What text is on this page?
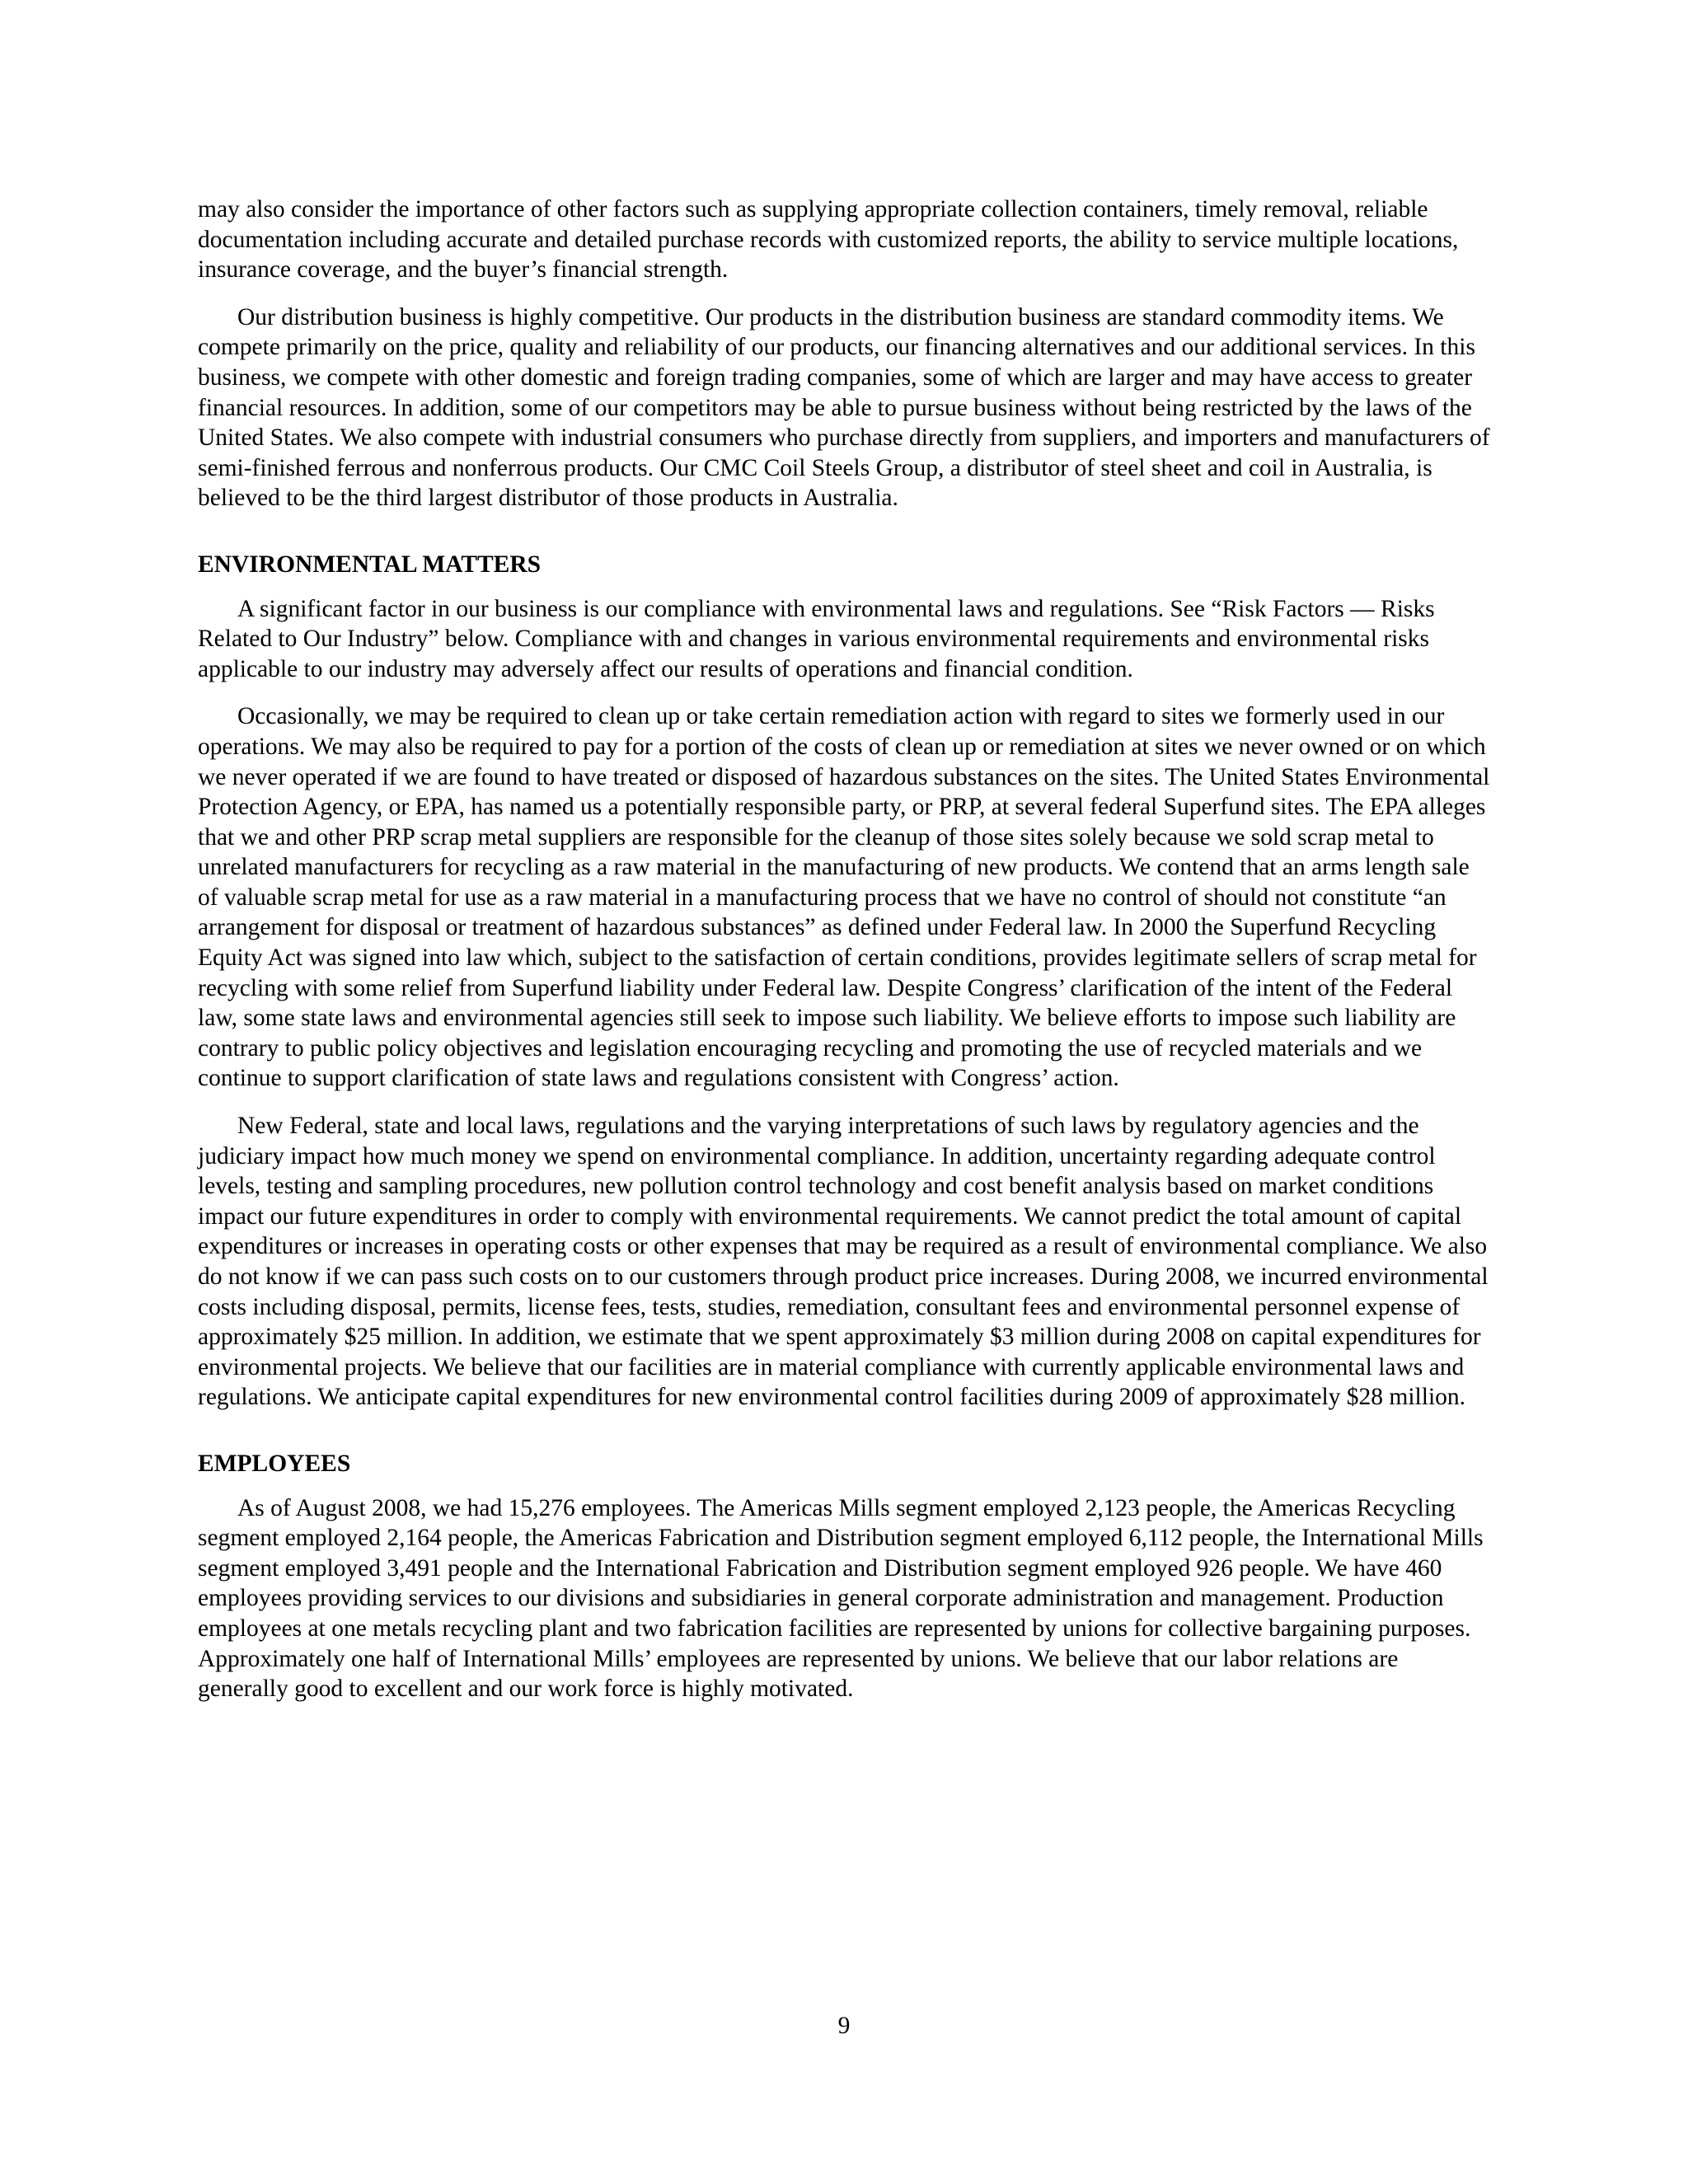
may also consider the importance of other factors such as supplying appropriate collection containers, timely removal, reliable documentation including accurate and detailed purchase records with customized reports, the ability to service multiple locations, insurance coverage, and the buyer’s financial strength.

Our distribution business is highly competitive. Our products in the distribution business are standard commodity items. We compete primarily on the price, quality and reliability of our products, our financing alternatives and our additional services. In this business, we compete with other domestic and foreign trading companies, some of which are larger and may have access to greater financial resources. In addition, some of our competitors may be able to pursue business without being restricted by the laws of the United States. We also compete with industrial consumers who purchase directly from suppliers, and importers and manufacturers of semi-finished ferrous and nonferrous products. Our CMC Coil Steels Group, a distributor of steel sheet and coil in Australia, is believed to be the third largest distributor of those products in Australia.

ENVIRONMENTAL MATTERS

A significant factor in our business is our compliance with environmental laws and regulations. See “Risk Factors — Risks Related to Our Industry” below. Compliance with and changes in various environmental requirements and environmental risks applicable to our industry may adversely affect our results of operations and financial condition.

Occasionally, we may be required to clean up or take certain remediation action with regard to sites we formerly used in our operations. We may also be required to pay for a portion of the costs of clean up or remediation at sites we never owned or on which we never operated if we are found to have treated or disposed of hazardous substances on the sites. The United States Environmental Protection Agency, or EPA, has named us a potentially responsible party, or PRP, at several federal Superfund sites. The EPA alleges that we and other PRP scrap metal suppliers are responsible for the cleanup of those sites solely because we sold scrap metal to unrelated manufacturers for recycling as a raw material in the manufacturing of new products. We contend that an arms length sale of valuable scrap metal for use as a raw material in a manufacturing process that we have no control of should not constitute “an arrangement for disposal or treatment of hazardous substances” as defined under Federal law. In 2000 the Superfund Recycling Equity Act was signed into law which, subject to the satisfaction of certain conditions, provides legitimate sellers of scrap metal for recycling with some relief from Superfund liability under Federal law. Despite Congress’ clarification of the intent of the Federal law, some state laws and environmental agencies still seek to impose such liability. We believe efforts to impose such liability are contrary to public policy objectives and legislation encouraging recycling and promoting the use of recycled materials and we continue to support clarification of state laws and regulations consistent with Congress’ action.

New Federal, state and local laws, regulations and the varying interpretations of such laws by regulatory agencies and the judiciary impact how much money we spend on environmental compliance. In addition, uncertainty regarding adequate control levels, testing and sampling procedures, new pollution control technology and cost benefit analysis based on market conditions impact our future expenditures in order to comply with environmental requirements. We cannot predict the total amount of capital expenditures or increases in operating costs or other expenses that may be required as a result of environmental compliance. We also do not know if we can pass such costs on to our customers through product price increases. During 2008, we incurred environmental costs including disposal, permits, license fees, tests, studies, remediation, consultant fees and environmental personnel expense of approximately $25 million. In addition, we estimate that we spent approximately $3 million during 2008 on capital expenditures for environmental projects. We believe that our facilities are in material compliance with currently applicable environmental laws and regulations. We anticipate capital expenditures for new environmental control facilities during 2009 of approximately $28 million.

EMPLOYEES

As of August 2008, we had 15,276 employees. The Americas Mills segment employed 2,123 people, the Americas Recycling segment employed 2,164 people, the Americas Fabrication and Distribution segment employed 6,112 people, the International Mills segment employed 3,491 people and the International Fabrication and Distribution segment employed 926 people. We have 460 employees providing services to our divisions and subsidiaries in general corporate administration and management. Production employees at one metals recycling plant and two fabrication facilities are represented by unions for collective bargaining purposes. Approximately one half of International Mills’ employees are represented by unions. We believe that our labor relations are generally good to excellent and our work force is highly motivated.

9
